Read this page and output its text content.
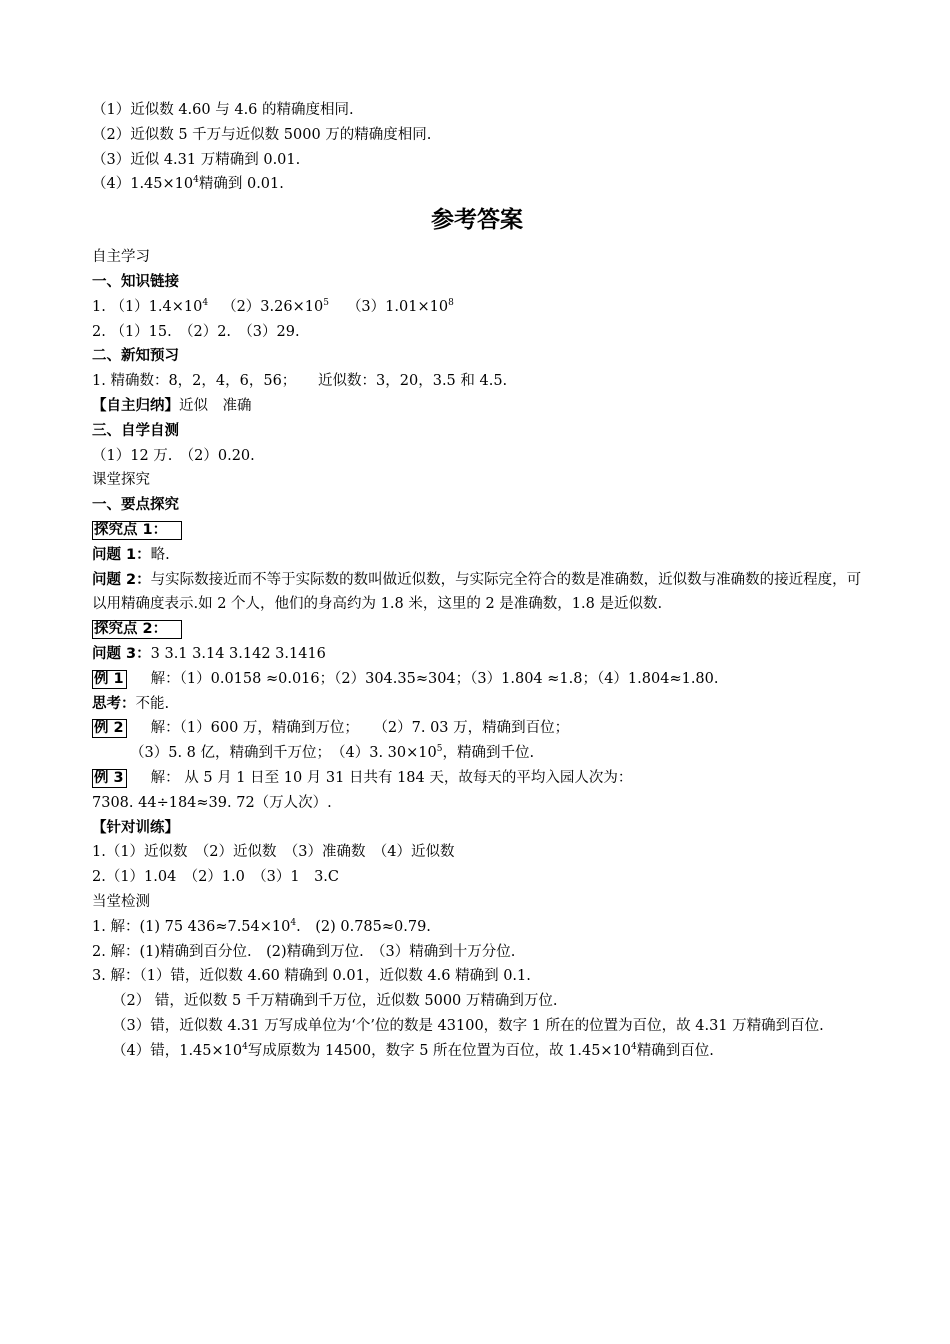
（1）近似数 4.60 与 4.6 的精确度相同.
（2）近似数 5 千万与近似数 5000 万的精确度相同.
（3）近似 4.31 万精确到 0.01.
$(4)1.45\times 10^4$精确到 0.01.
参考答案
自主学习
一、知识链接
1. $(1)1.4\times 10^4$ $(2)3.26\times 10^5$ $(3)1.01\times 10^8$
2. （1）15.　（2）2.　（3）29.
二、新知预习
1. 精确数：8，2，4，6，56；　　近似数：3，20，3.5 和 4.5.
【自主归纳】近似　准确
三、自学自测
（1）12 万.　（2）0.20.
课堂探究
一、要点探究
探究点 1：
问题 1：略.
问题 2：与实际数接近而不等于实际数的数叫做近似数，与实际完全符合的数是准确数，近似数与准确数的接近程度，可以用精确度表示.如 2 个人，他们的身高约为 1.8 米，这里的 2 是准确数，1.8 是近似数.
探究点 2：
问题 3：3 3.1 3.14 3.142 3.1416
例 1 解：（1）0.0158 ≈0.016；（2）304.35≈304；（3）1.804 ≈1.8；（4）1.804≈1.80.
思考：不能.
例 2 解：（1）600 万，精确到万位；　　（2）7. 03 万，精确到百位；
（3）5. 8 亿，精确到千万位；　（4）3. $30\times 10^5$，精确到千位.
例 3 解： 从 5 月 1 日至 10 月 31 日共有 184 天，故每天的平均入园人次为：
7308. 44÷184≈39. 72（万人次）.
【针对训练】
1.（1）近似数　（2）近似数　（3）准确数　（4）近似数
2.（1）1.04　（2）1.0　（3）1　3.C
当堂检测
1. 解：(1) 75 $436\approx 7.54\times 10^4$.　(2) 0.785≈0.79.
2. 解：(1)精确到百分位.　(2)精确到万位.　（3）精确到十万分位.
3. 解：（1）错，近似数 4.60 精确到 0.01，近似数 4.6 精确到 0.1.
（2） 错，近似数 5 千万精确到千万位，近似数 5000 万精确到万位.
（3）错，近似数 4.31 万写成单位为‘个’位的数是 43100，数字 1 所在的位置为百位，故 4.31 万精确到百位.
（4）错，$1.45\times 10^4$写成原数为 14500，数字 5 所在位置为百位，故 $1.45\times 10^4$精确到百位.
